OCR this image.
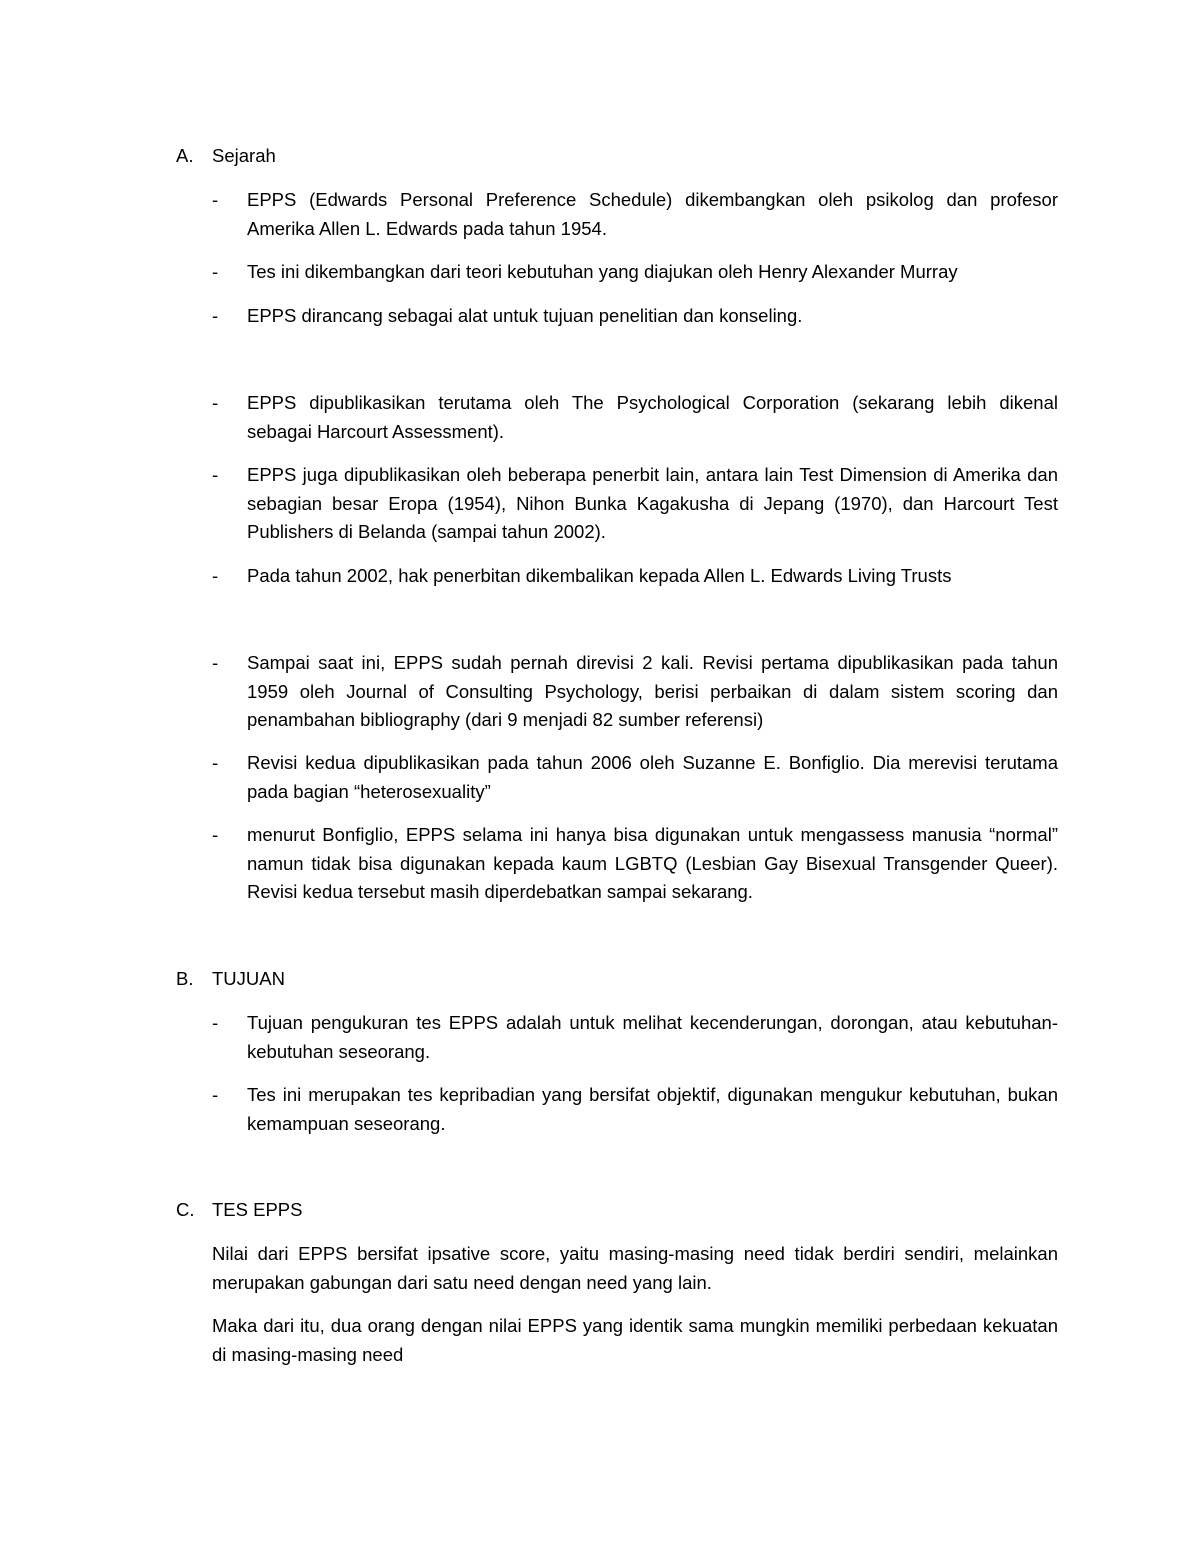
A. Sejarah
- EPPS (Edwards Personal Preference Schedule) dikembangkan oleh psikolog dan profesor Amerika Allen L. Edwards pada tahun 1954.
- Tes ini dikembangkan dari teori kebutuhan yang diajukan oleh Henry Alexander Murray
- EPPS dirancang sebagai alat untuk tujuan penelitian dan konseling.
- EPPS dipublikasikan terutama oleh The Psychological Corporation (sekarang lebih dikenal sebagai Harcourt Assessment).
- EPPS juga dipublikasikan oleh beberapa penerbit lain, antara lain Test Dimension di Amerika dan sebagian besar Eropa (1954), Nihon Bunka Kagakusha di Jepang (1970), dan Harcourt Test Publishers di Belanda (sampai tahun 2002).
- Pada tahun 2002, hak penerbitan dikembalikan kepada Allen L. Edwards Living Trusts
- Sampai saat ini, EPPS sudah pernah direvisi 2 kali. Revisi pertama dipublikasikan pada tahun 1959 oleh Journal of Consulting Psychology, berisi perbaikan di dalam sistem scoring dan penambahan bibliography (dari 9 menjadi 82 sumber referensi)
- Revisi kedua dipublikasikan pada tahun 2006 oleh Suzanne E. Bonfiglio. Dia merevisi terutama pada bagian “heterosexuality”
- menurut Bonfiglio, EPPS selama ini hanya bisa digunakan untuk mengassess manusia “normal” namun tidak bisa digunakan kepada kaum LGBTQ (Lesbian Gay Bisexual Transgender Queer). Revisi kedua tersebut masih diperdebatkan sampai sekarang.
B. TUJUAN
- Tujuan pengukuran tes EPPS adalah untuk melihat kecenderungan, dorongan, atau kebutuhan-kebutuhan seseorang.
- Tes ini merupakan tes kepribadian yang bersifat objektif, digunakan mengukur kebutuhan, bukan kemampuan seseorang.
C. TES EPPS
Nilai dari EPPS bersifat ipsative score, yaitu masing-masing need tidak berdiri sendiri, melainkan merupakan gabungan dari satu need dengan need yang lain.
Maka dari itu, dua orang dengan nilai EPPS yang identik sama mungkin memiliki perbedaan kekuatan di masing-masing need
